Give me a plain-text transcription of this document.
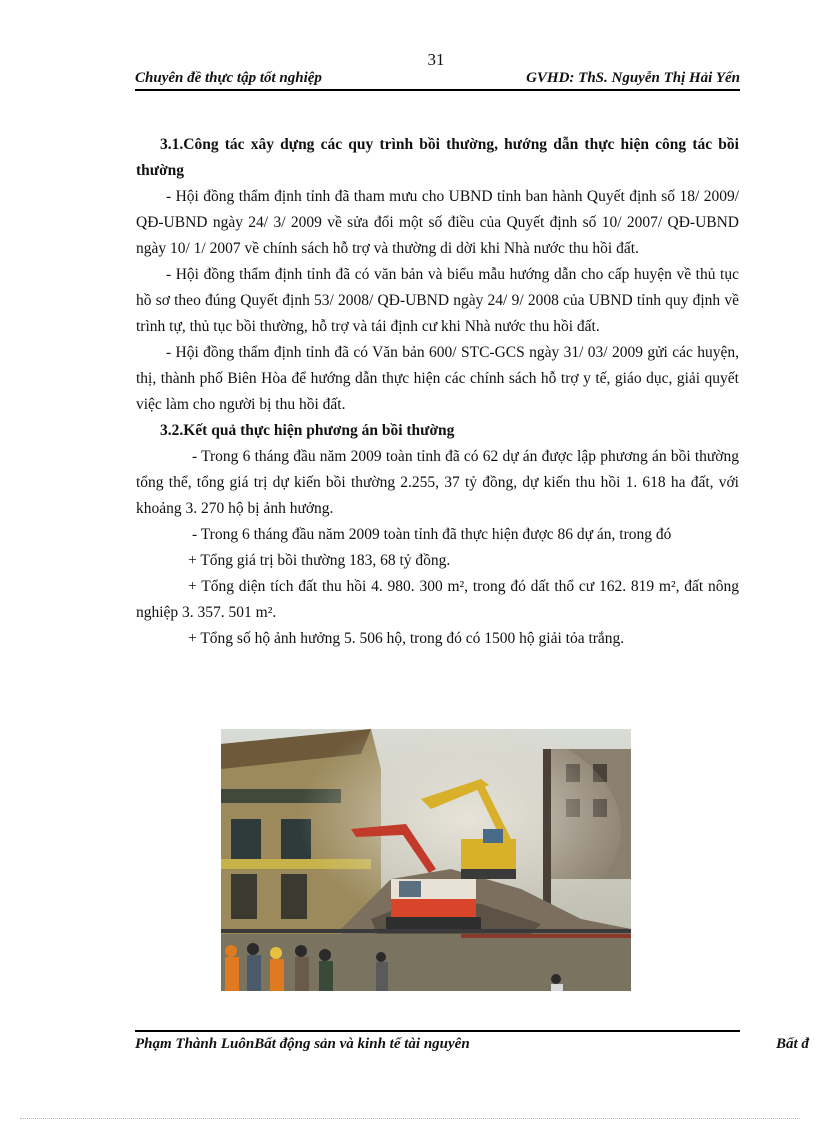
31
Chuyên đề thực tập tốt nghiệp	GVHD: ThS. Nguyễn Thị Hải Yến

3.1.Công tác xây dựng các quy trình bồi thường, hướng dẫn thực hiện công tác bồi thường

- Hội đồng thẩm định tỉnh đã tham mưu cho UBND tỉnh ban hành Quyết định số 18/ 2009/ QĐ-UBND ngày 24/ 3/ 2009 về sửa đổi một số điều của Quyết định số 10/ 2007/ QĐ-UBND ngày 10/ 1/ 2007 về chính sách hỗ trợ và thường di dời khi Nhà nước thu hồi đất.

- Hội đồng thẩm định tỉnh đã có văn bản và biểu mẫu hướng dẫn cho cấp huyện về thủ tục hồ sơ theo đúng Quyết định 53/ 2008/ QĐ-UBND ngày 24/ 9/ 2008 của UBND tỉnh quy định về trình tự, thủ tục bồi thường, hỗ trợ và tái định cư khi Nhà nước thu hồi đất.

- Hội đồng thẩm định tỉnh đã có Văn bản 600/ STC-GCS ngày 31/ 03/ 2009 gửi các huyện, thị, thành phố Biên Hòa để hướng dẫn thực hiện các chính sách hỗ trợ y tế, giáo dục, giải quyết việc làm cho người bị thu hồi đất.

3.2.Kết quả thực hiện phương án bồi thường

- Trong 6 tháng đầu năm 2009 toàn tỉnh đã có 62 dự án được lập phương án bồi thường tổng thể, tổng giá trị dự kiến bồi thường 2.255, 37 tỷ đồng, dự kiến thu hồi 1. 618 ha đất, với khoảng 3. 270 hộ bị ảnh hưởng.

- Trong 6 tháng đầu năm 2009 toàn tỉnh đã thực hiện được 86 dự án, trong đó

+ Tổng giá trị bồi thường 183, 68 tỷ đồng.

+ Tổng diện tích đất thu hồi 4. 980. 300 m², trong đó dất thổ cư 162. 819 m², đất nông nghiệp 3. 357. 501 m².

+ Tổng số hộ ảnh hưởng 5. 506 hộ, trong đó có 1500 hộ giải tỏa trắng.

Phạm Thành LuônBất động sản và kinh tế tài nguyên	Bất đ
